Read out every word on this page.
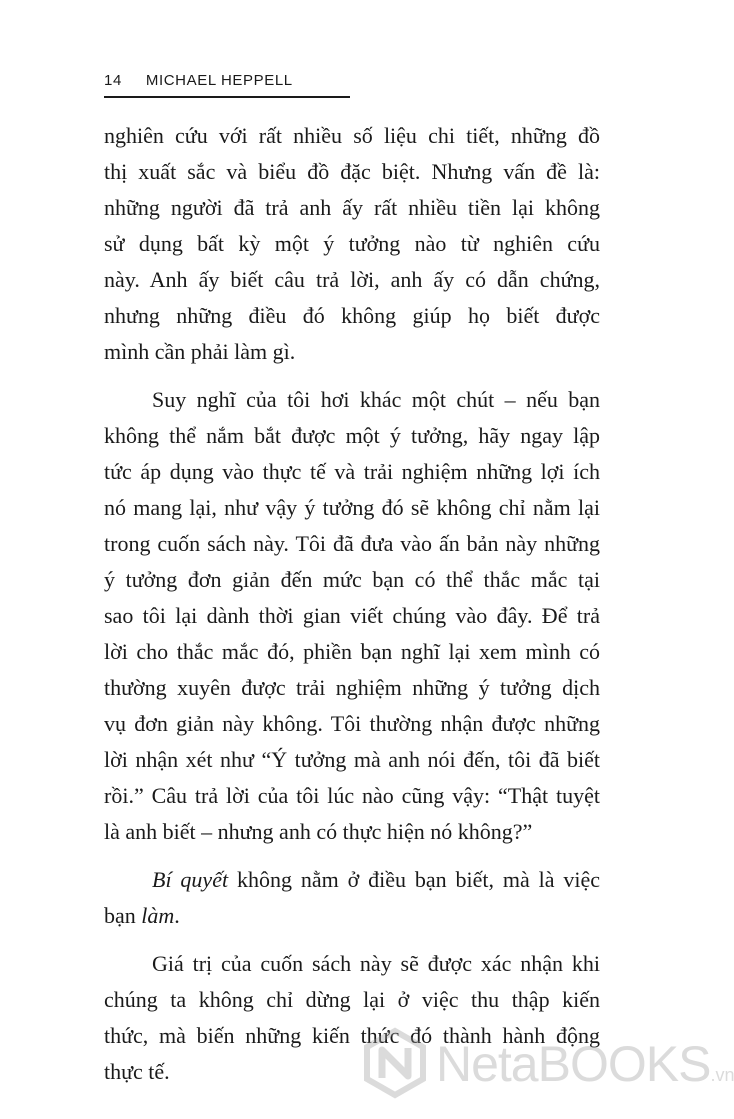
14 MICHAEL HEPPELL
nghiên cứu với rất nhiều số liệu chi tiết, những đồ
thị xuất sắc và biểu đồ đặc biệt. Nhưng vấn đề là:
những người đã trả anh ấy rất nhiều tiền lại không
sử dụng bất kỳ một ý tưởng nào từ nghiên cứu
này. Anh ấy biết câu trả lời, anh ấy có dẫn chứng,
nhưng những điều đó không giúp họ biết được
mình cần phải làm gì.
Suy nghĩ của tôi hơi khác một chút – nếu bạn
không thể nắm bắt được một ý tưởng, hãy ngay lập
tức áp dụng vào thực tế và trải nghiệm những lợi ích
nó mang lại, như vậy ý tưởng đó sẽ không chỉ nằm lại
trong cuốn sách này. Tôi đã đưa vào ấn bản này những
ý tưởng đơn giản đến mức bạn có thể thắc mắc tại
sao tôi lại dành thời gian viết chúng vào đây. Để trả
lời cho thắc mắc đó, phiền bạn nghĩ lại xem mình có
thường xuyên được trải nghiệm những ý tưởng dịch
vụ đơn giản này không. Tôi thường nhận được những
lời nhận xét như “Ý tưởng mà anh nói đến, tôi đã biết
rồi.” Câu trả lời của tôi lúc nào cũng vậy: “Thật tuyệt
là anh biết – nhưng anh có thực hiện nó không?”
Bí quyết không nằm ở điều bạn biết, mà là việc
bạn làm.
Giá trị của cuốn sách này sẽ được xác nhận khi
chúng ta không chỉ dừng lại ở việc thu thập kiến
thức, mà biến những kiến thức đó thành hành động
thực tế.	NetaBOOKS.vn
